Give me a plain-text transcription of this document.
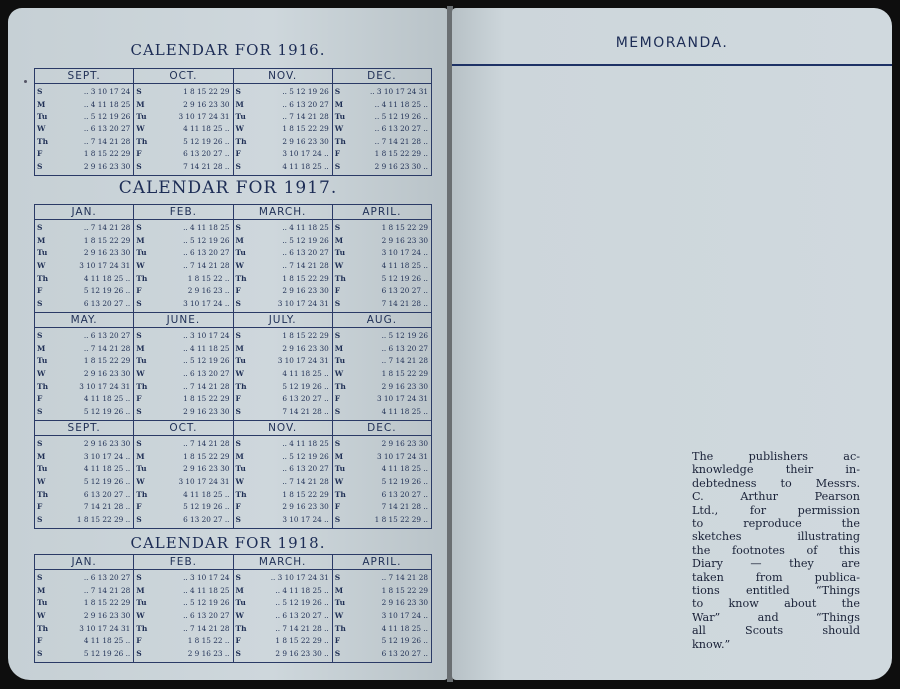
CALENDAR FOR 1916.
SEPT.
S	.. 3 10 17 24
M	.. 4 11 18 25
Tu	.. 5 12 19 26
W	.. 6 13 20 27
Th	.. 7 14 21 28
F	1 8 15 22 29
S	2 9 16 23 30
OCT.
S	1 8 15 22 29
M	2 9 16 23 30
Tu	3 10 17 24 31
W	4 11 18 25 ..
Th	5 12 19 26 ..
F	6 13 20 27 ..
S	7 14 21 28 ..
NOV.
S	.. 5 12 19 26
M	.. 6 13 20 27
Tu	.. 7 14 21 28
W	1 8 15 22 29
Th	2 9 16 23 30
F	3 10 17 24 ..
S	4 11 18 25 ..
DEC.
S	.. 3 10 17 24 31
M	.. 4 11 18 25 ..
Tu	.. 5 12 19 26 ..
W	.. 6 13 20 27 ..
Th	.. 7 14 21 28 ..
F	1 8 15 22 29 ..
S	2 9 16 23 30 ..
CALENDAR FOR 1917.
JAN.
S	.. 7 14 21 28
M	1 8 15 22 29
Tu	2 9 16 23 30
W	3 10 17 24 31
Th	4 11 18 25 ..
F	5 12 19 26 ..
S	6 13 20 27 ..
FEB.
S	.. 4 11 18 25
M	.. 5 12 19 26
Tu	.. 6 13 20 27
W	.. 7 14 21 28
Th	1 8 15 22 ..
F	2 9 16 23 ..
S	3 10 17 24 ..
MARCH.
S	.. 4 11 18 25
M	.. 5 12 19 26
Tu	.. 6 13 20 27
W	.. 7 14 21 28
Th	1 8 15 22 29
F	2 9 16 23 30
S	3 10 17 24 31
APRIL.
S	1 8 15 22 29
M	2 9 16 23 30
Tu	3 10 17 24 ..
W	4 11 18 25 ..
Th	5 12 19 26 ..
F	6 13 20 27 ..
S	7 14 21 28 ..
MAY.
S	.. 6 13 20 27
M	.. 7 14 21 28
Tu	1 8 15 22 29
W	2 9 16 23 30
Th	3 10 17 24 31
F	4 11 18 25 ..
S	5 12 19 26 ..
JUNE.
S	.. 3 10 17 24
M	.. 4 11 18 25
Tu	.. 5 12 19 26
W	.. 6 13 20 27
Th	.. 7 14 21 28
F	1 8 15 22 29
S	2 9 16 23 30
JULY.
S	1 8 15 22 29
M	2 9 16 23 30
Tu	3 10 17 24 31
W	4 11 18 25 ..
Th	5 12 19 26 ..
F	6 13 20 27 ..
S	7 14 21 28 ..
AUG.
S	.. 5 12 19 26
M	.. 6 13 20 27
Tu	.. 7 14 21 28
W	1 8 15 22 29
Th	2 9 16 23 30
F	3 10 17 24 31
S	4 11 18 25 ..
SEPT.
S	2 9 16 23 30
M	3 10 17 24 ..
Tu	4 11 18 25 ..
W	5 12 19 26 ..
Th	6 13 20 27 ..
F	7 14 21 28 ..
S	1 8 15 22 29 ..
OCT.
S	.. 7 14 21 28
M	1 8 15 22 29
Tu	2 9 16 23 30
W	3 10 17 24 31
Th	4 11 18 25 ..
F	5 12 19 26 ..
S	6 13 20 27 ..
NOV.
S	.. 4 11 18 25
M	.. 5 12 19 26
Tu	.. 6 13 20 27
W	.. 7 14 21 28
Th	1 8 15 22 29
F	2 9 16 23 30
S	3 10 17 24 ..
DEC.
S	2 9 16 23 30
M	3 10 17 24 31
Tu	4 11 18 25 ..
W	5 12 19 26 ..
Th	6 13 20 27 ..
F	7 14 21 28 ..
S	1 8 15 22 29 ..
CALENDAR FOR 1918.
JAN.
S	.. 6 13 20 27
M	.. 7 14 21 28
Tu	1 8 15 22 29
W	2 9 16 23 30
Th	3 10 17 24 31
F	4 11 18 25 ..
S	5 12 19 26 ..
FEB.
S	.. 3 10 17 24
M	.. 4 11 18 25
Tu	.. 5 12 19 26
W	.. 6 13 20 27
Th	.. 7 14 21 28
F	1 8 15 22 ..
S	2 9 16 23 ..
MARCH.
S	.. 3 10 17 24 31
M	.. 4 11 18 25 ..
Tu	.. 5 12 19 26 ..
W	.. 6 13 20 27 ..
Th	.. 7 14 21 28 ..
F	1 8 15 22 29 ..
S	2 9 16 23 30 ..
APRIL.
S	.. 7 14 21 28
M	1 8 15 22 29
Tu	2 9 16 23 30
W	3 10 17 24 ..
Th	4 11 18 25 ..
F	5 12 19 26 ..
S	6 13 20 27 ..
MEMORANDA.
The publishers ac-
knowledge their in-
debtedness to Messrs.
C. Arthur Pearson
Ltd., for permission
to reproduce the
sketches illustrating
the footnotes of this
Diary — they are
taken from publica-
tions entitled “Things
to know about the
War” and “Things
all Scouts should
know.”
